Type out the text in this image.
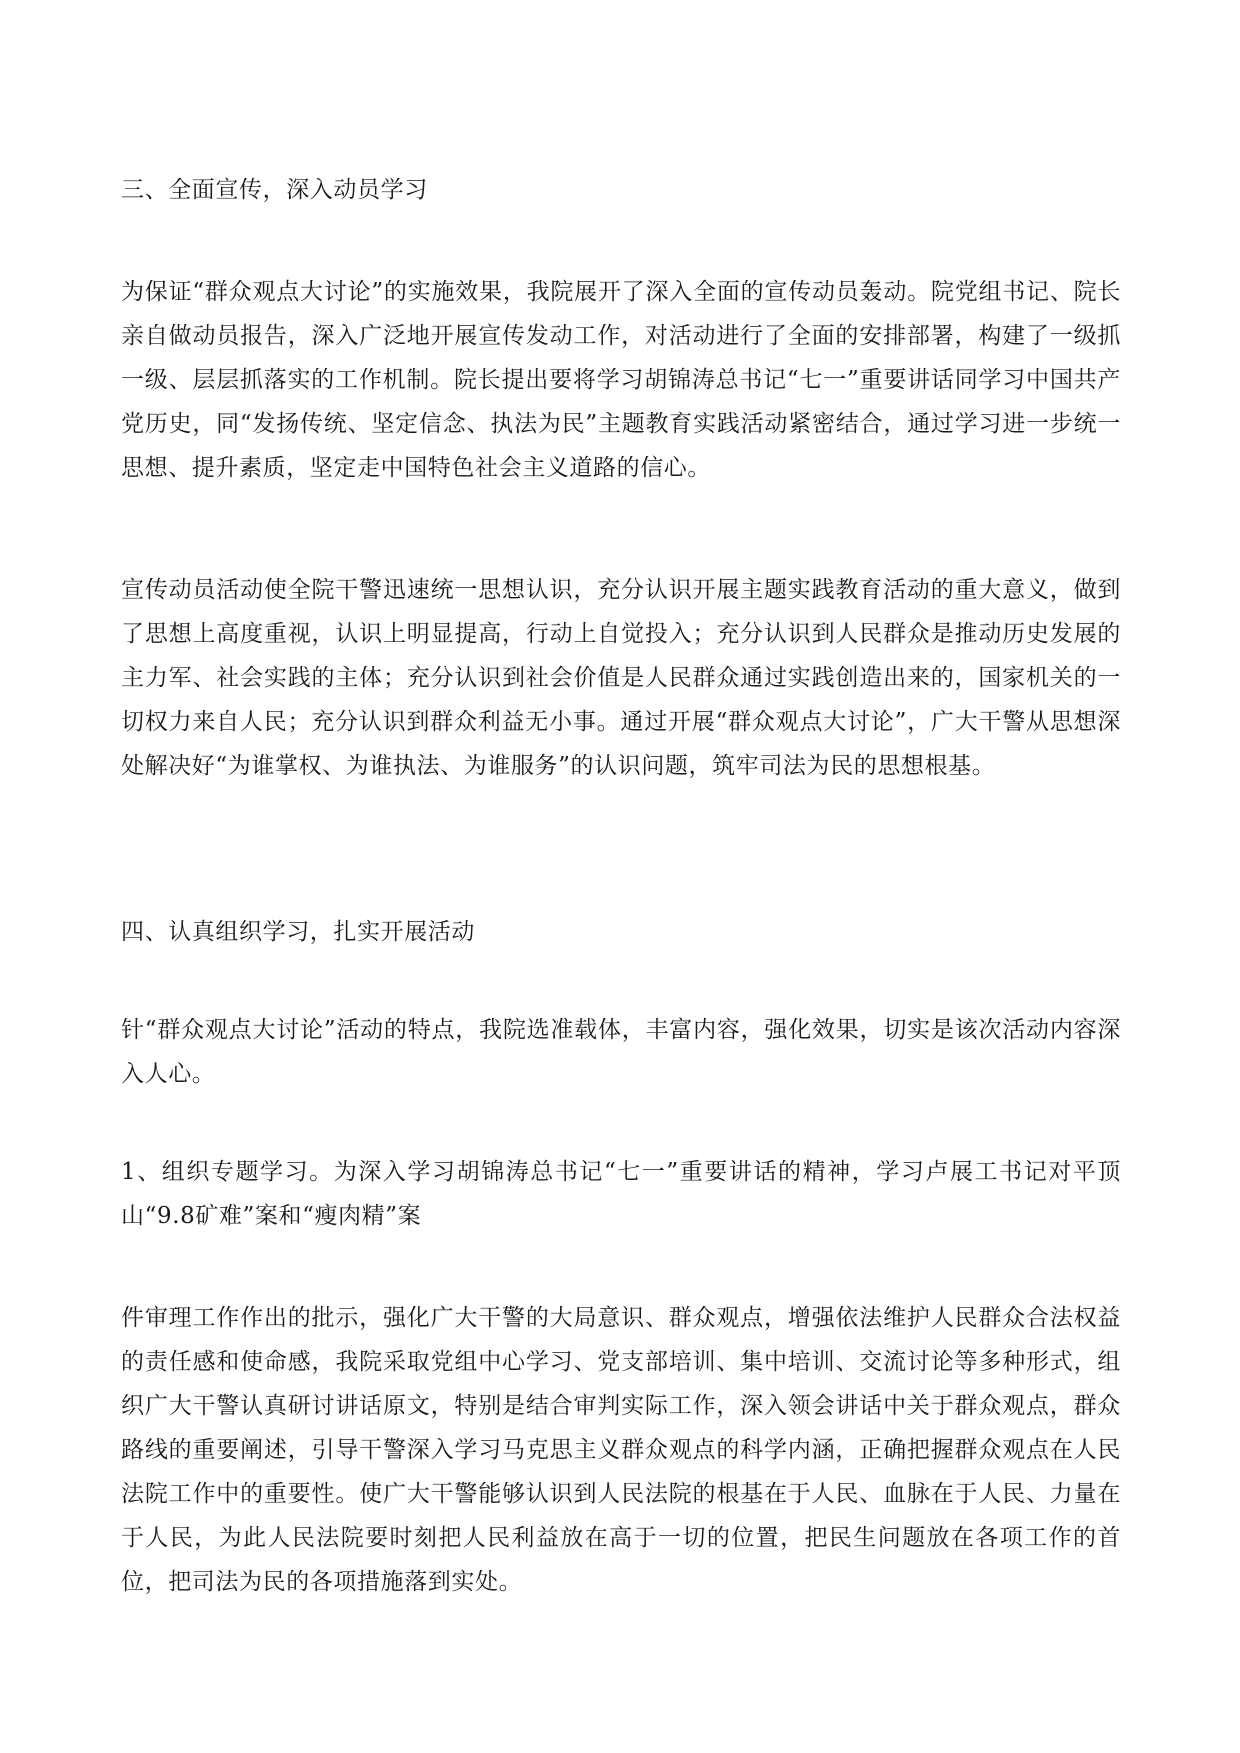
三、全面宣传，深入动员学习

为保证“群众观点大讨论”的实施效果，我院展开了深入全面的宣传动员轰动。院党组书记、院长亲自做动员报告，深入广泛地开展宣传发动工作，对活动进行了全面的安排部署，构建了一级抓一级、层层抓落实的工作机制。院长提出要将学习胡锦涛总书记“七一”重要讲话同学习中国共产党历史，同“发扬传统、坚定信念、执法为民”主题教育实践活动紧密结合，通过学习进一步统一思想、提升素质，坚定走中国特色社会主义道路的信心。

宣传动员活动使全院干警迅速统一思想认识，充分认识开展主题实践教育活动的重大意义，做到了思想上高度重视，认识上明显提高，行动上自觉投入；充分认识到人民群众是推动历史发展的主力军、社会实践的主体；充分认识到社会价值是人民群众通过实践创造出来的，国家机关的一切权力来自人民；充分认识到群众利益无小事。通过开展“群众观点大讨论”，广大干警从思想深处解决好“为谁掌权、为谁执法、为谁服务”的认识问题，筑牢司法为民的思想根基。

四、认真组织学习，扎实开展活动

针“群众观点大讨论”活动的特点，我院选准载体，丰富内容，强化效果，切实是该次活动内容深入人心。

1、组织专题学习。为深入学习胡锦涛总书记“七一”重要讲话的精神，学习卢展工书记对平顶山“9.8矿难”案和“瘦肉精”案

件审理工作作出的批示，强化广大干警的大局意识、群众观点，增强依法维护人民群众合法权益的责任感和使命感，我院采取党组中心学习、党支部培训、集中培训、交流讨论等多种形式，组织广大干警认真研讨讲话原文，特别是结合审判实际工作，深入领会讲话中关于群众观点，群众路线的重要阐述，引导干警深入学习马克思主义群众观点的科学内涵，正确把握群众观点在人民法院工作中的重要性。使广大干警能够认识到人民法院的根基在于人民、血脉在于人民、力量在于人民，为此人民法院要时刻把人民利益放在高于一切的位置，把民生问题放在各项工作的首位，把司法为民的各项措施落到实处。
